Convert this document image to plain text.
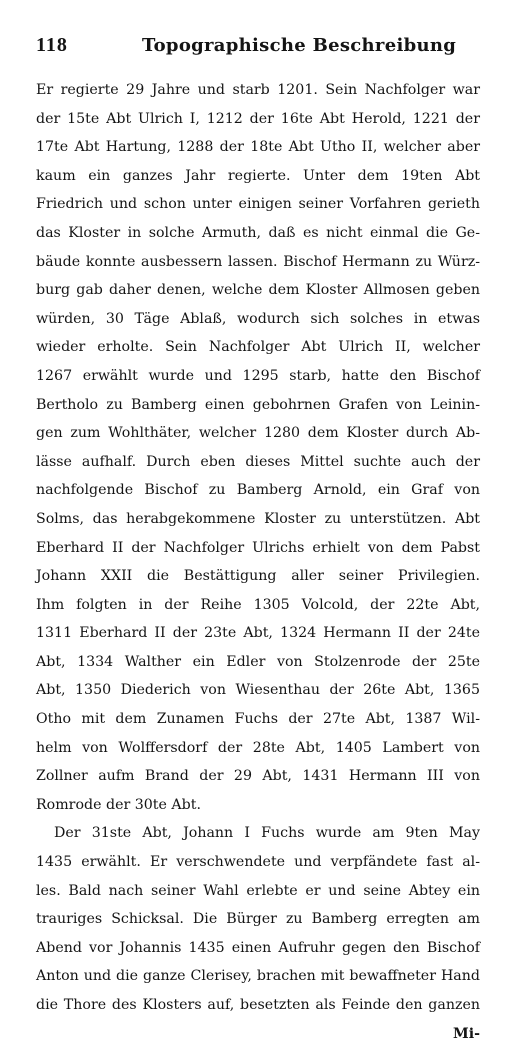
118	Topographische Beschreibung
Er regierte 29 Jahre und starb 1201. Sein Nachfolger war
der 15te Abt Ulrich I, 1212 der 16te Abt Herold, 1221 der
17te Abt Hartung, 1288 der 18te Abt Utho II, welcher aber
kaum ein ganzes Jahr regierte. Unter dem 19ten Abt
Friedrich und schon unter einigen seiner Vorfahren gerieth
das Kloster in solche Armuth, daß es nicht einmal die Ge-
bäude konnte ausbessern lassen. Bischof Hermann zu Würz-
burg gab daher denen, welche dem Kloster Allmosen geben
würden, 30 Täge Ablaß, wodurch sich solches in etwas
wieder erholte. Sein Nachfolger Abt Ulrich II, welcher
1267 erwählt wurde und 1295 starb, hatte den Bischof
Bertholo zu Bamberg einen gebohrnen Grafen von Leinin-
gen zum Wohlthäter, welcher 1280 dem Kloster durch Ab-
lässe aufhalf. Durch eben dieses Mittel suchte auch der
nachfolgende Bischof zu Bamberg Arnold, ein Graf von
Solms, das herabgekommene Kloster zu unterstützen. Abt
Eberhard II der Nachfolger Ulrichs erhielt von dem Pabst
Johann XXII die Bestättigung aller seiner Privilegien.
Ihm folgten in der Reihe 1305 Volcold, der 22te Abt,
1311 Eberhard II der 23te Abt, 1324 Hermann II der 24te
Abt, 1334 Walther ein Edler von Stolzenrode der 25te
Abt, 1350 Diederich von Wiesenthau der 26te Abt, 1365
Otho mit dem Zunamen Fuchs der 27te Abt, 1387 Wil-
helm von Wolffersdorf der 28te Abt, 1405 Lambert von
Zollner aufm Brand der 29 Abt, 1431 Hermann III von
Romrode der 30te Abt.
Der 31ste Abt, Johann I Fuchs wurde am 9ten May
1435 erwählt. Er verschwendete und verpfändete fast al-
les. Bald nach seiner Wahl erlebte er und seine Abtey ein
trauriges Schicksal. Die Bürger zu Bamberg erregten am
Abend vor Johannis 1435 einen Aufruhr gegen den Bischof
Anton und die ganze Clerisey, brachen mit bewaffneter Hand
die Thore des Klosters auf, besetzten als Feinde den ganzen
Mi-
